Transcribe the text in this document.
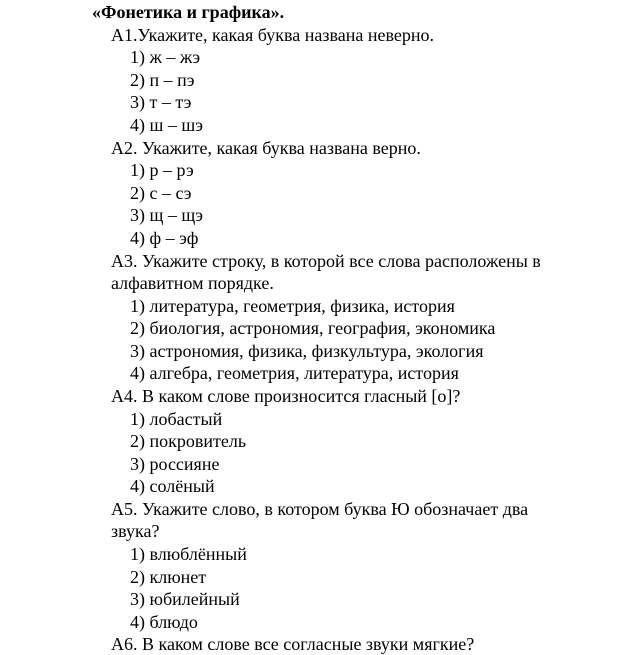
«Фонетика и графика».
А1.Укажите, какая буква названа неверно.
1) ж – жэ
2) п – пэ
3) т – тэ
4) ш – шэ
А2. Укажите, какая буква названа верно.
1) р – рэ
2) с – сэ
3) щ – щэ
4) ф – эф
А3. Укажите строку, в которой все слова расположены в
алфавитном порядке.
1) литература, геометрия, физика, история
2) биология, астрономия, география, экономика
3) астрономия, физика, физкультура, экология
4) алгебра, геометрия, литература, история
А4. В каком слове произносится гласный [о]?
1) лобастый
2) покровитель
3) россияне
4) солёный
А5. Укажите слово, в котором буква Ю обозначает два
звука?
1) влюблённый
2) клюнет
3) юбилейный
4) блюдо
А6. В каком слове все согласные звуки мягкие?
